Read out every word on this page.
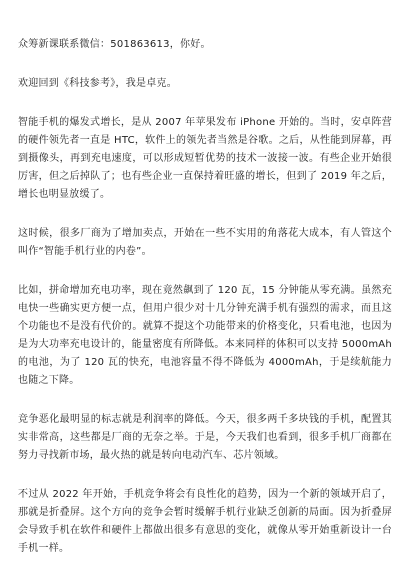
众筹新课联系微信：501863613，你好。

欢迎回到《科技参考》，我是卓克。

智能手机的爆发式增长，是从 2007 年苹果发布 iPhone 开始的。当时，安卓阵营的硬件领先者一直是 HTC，软件上的领先者当然是谷歌。之后，从性能到屏幕，再到摄像头，再到充电速度，可以形成短暂优势的技术一波接一波。有些企业开始很厉害，但之后掉队了；也有些企业一直保持着旺盛的增长，但到了 2019 年之后，增长也明显放缓了。

这时候，很多厂商为了增加卖点，开始在一些不实用的角落花大成本，有人管这个叫作“智能手机行业的内卷”。

比如，拼命增加充电功率，现在竟然飙到了 120 瓦，15 分钟能从零充满。虽然充电快一些确实更方便一点，但用户很少对十几分钟充满手机有强烈的需求，而且这个功能也不是没有代价的。就算不提这个功能带来的价格变化，只看电池，也因为是为大功率充电设计的，能量密度有所降低。本来同样的体积可以支持 5000mAh 的电池，为了 120 瓦的快充，电池容量不得不降低为 4000mAh，于是续航能力也随之下降。

竞争恶化最明显的标志就是利润率的降低。今天，很多两千多块钱的手机，配置其实非常高，这些都是厂商的无奈之举。于是，今天我们也看到，很多手机厂商都在努力寻找新市场，最火热的就是转向电动汽车、芯片领域。

不过从 2022 年开始，手机竞争将会有良性化的趋势，因为一个新的领域开启了，那就是折叠屏。这个方向的竞争会暂时缓解手机行业缺乏创新的局面。因为折叠屏会导致手机在软件和硬件上都做出很多有意思的变化，就像从零开始重新设计一台手机一样。
